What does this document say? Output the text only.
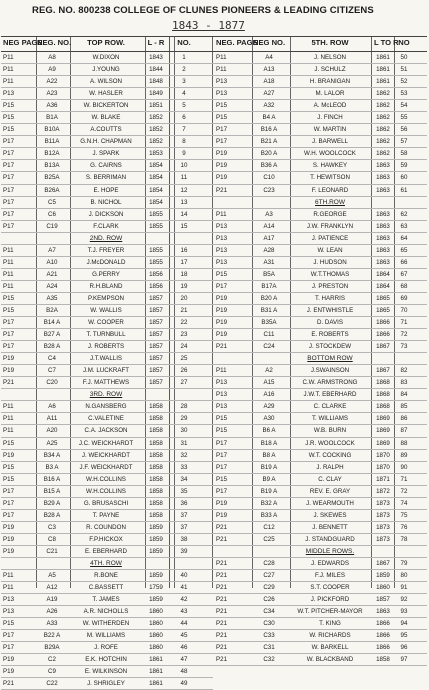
REG. NO. 800238 COLLEGE OF CLUNES PIONEERS & LEADING CITIZENS
1843 - 1877
NEG PAGE
NEG. NO.	TOP ROW.	L - R NO.
P11	A8	W.DIXON	1843	1
P11	A9	J.YOUNG	1844	2
P11	A22	A. WILSON	1848	3
P13	A23	W. HASLER	1849	4
P15	A36	W. BICKERTON	1851	5
P15	B1A	W. BLAKE	1852	6
P15	B10A	A.COUTTS	1852	7
P17	B11A	G.N.H. CHAPMAN	1852	8
P17	B12A	J. SPARK	1853	9
P17	B13A	G. CAIRNS	1854	10
P17	B25A	S. BERRIMAN	1854	11
P17	B26A	E. HOPE	1854	12
P17	C5	B. NICHOL	1854	13
P17	C6	J. DICKSON	1855	14
P17	C19	F.CLARK	1855	15
2ND. ROW
P11	A7	T.J. FREYER	1855	16
P11	A10	J.McDONALD	1855	17
P11	A21	G.PERRY	1856	18
P11	A24	R.H.BLAND	1856	19
P15	A35	P.KEMPSON	1857	20
P15	B2A	W. WALLIS	1857	21
P17	B14 A	W. COOPER	1857	22
P17	B27 A	T. TURNBULL	1857	23
P17	B28 A	J. ROBERTS	1857	24
P19	C4	J.T.WALLIS	1857	25
P19	C7	J.M. LUCKRAFT	1857	26
P21	C20	F.J. MATTHEWS	1857	27
3RD. ROW
P11	A6	N.GANSBERG	1858	28
P11	A11	C.VALETINE	1858	29
P11	A20	C.A. JACKSON	1858	30
P15	A25	J.C. WEICKHARDT	1858	31
P19	B34 A	J. WEICKHARDT	1858	32
P15	B3 A	J.F. WEICKHARDT	1858	33
P15	B16 A	W.H.COLLINS	1858	34
P17	B15 A	W.H.COLLINS	1858	35
P17	B29 A	G. BRUSASCHI	1858	36
P17	B28 A	T. PAYNE	1858	37
P19	C3	R. COUNDON	1859	37
P19	C8	F.P.HICKOX	1859	38
P19	C21	E. EBERHARD	1859	39
4TH. ROW
P11	A5	R.BONE	1859	40
P11	A12	C.BASSETT	1759	41
P13	A19	T. JAMES	1859	42
P13	A26	A.R. NICHOLLS	1860	43
P15	A33	W. WITHERDEN	1860	44
P17	B22 A	M. WILLIAMS	1860	45
P17	B29A	J. ROFE	1860	46
P19	C2	E.K. HOTCHIN	1861	47
P19	C9	E. WILKINSON	1861	48
P21	C22	J. SHRIGLEY	1861	49
NEG. PAGE
NEG NO.	5TH. ROW	L TO R NO
P11	A4	J. NELSON	1861	50
P11	A13	J. SCHULZ	1861	51
P13	A18	H. BRANIGAN	1861	52
P13	A27	M. LALOR	1862	53
P15	A32	A. McLEOD	1862	54
P15	B4 A	J. FINCH	1862	55
P17	B16 A	W. MARTIN	1862	56
P17	B21 A	J. BARWELL	1862	57
P19	B20 A	W.H. WOOLCOCK	1862	58
P19	B36 A	S. HAWKEY	1863	59
P19	C10	T. HEWITSON	1863	60
P21	C23	F. LEONARD	1863	61
6TH.ROW
P11	A3	R.GEORGE	1863	62
P13	A14	J.W. FRANKLYN	1863	63
P13	A17	J. PATIENCE	1863	64
P13	A28	W. LEAN	1863	65
P13	A31	J. HUDSON	1863	66
P15	B5A	W.T.THOMAS	1864	67
P17	B17A	J. PRESTON	1864	68
P19	B20 A	T. HARRIS	1865	69
P19	B31 A	J. ENTWHISTLE	1865	70
P19	B35A	D. DAVIS	1866	71
P19	C11	E. ROBERTS	1866	72
P21	C24	J. STOCKDEW	1867	73
BOTTOM ROW
P11	A2	J.SWAINSON	1867	82
P13	A15	C.W. ARMSTRONG	1868	83
P13	A16	J.W.T. EBERHARD	1868	84
P13	A29	C. CLARKE	1868	85
P15	A30	T. WILLIAMS	1869	86
P15	B6 A	W.B. BURN	1869	87
P17	B18 A	J.R. WOOLCOCK	1869	88
P17	B8 A	W.T. COCKING	1870	89
P17	B19 A	J. RALPH	1870	90
P15	B9 A	C. CLAY	1871	71
P17	B19 A	REV. E. GRAY	1872	72
P19	B32 A	J. WEARMOUTH	1873	74
P19	B33 A	J. SKEWES	1873	75
P21	C12	J. BENNETT	1873	76
P21	C25	J. STANDGUARD	1873	78
MIDDLE ROWS.
P21	C28	J. EDWARDS	1867	79
P21	C27	F.J. MILES	1859	80
P21	C29	S.T. COOPER	1860	91
P21	C26	J. PICKFORD	1857	92
P21	C34	W.T. PITCHER-MAYOR	1863	93
P21	C30	T. KING	1866	94
P21	C33	W. RICHARDS	1866	95
P21	C31	W. BARKELL	1866	96
P21	C32	W. BLACKBAND	1858	97
